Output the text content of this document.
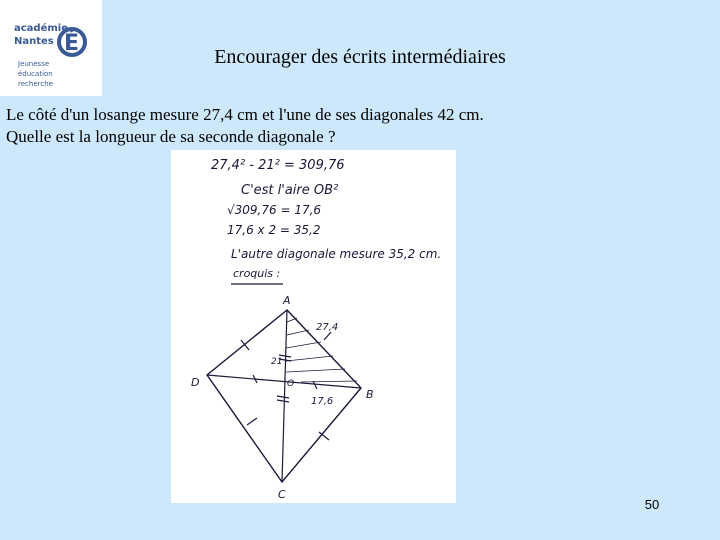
académie
Nantes É
Jeunesse
éducation
recherche
Encourager des écrits intermédiaires
Le côté d'un losange mesure 27,4 cm et l'une de ses diagonales 42 cm.
Quelle est la longueur de sa seconde diagonale ?
27,4² - 21² = 309,76
C'est l'aire OB²
√309,76 = 17,6
17,6 x 2 = 35,2
L'autre diagonale mesure 35,2 cm.
croquis :
A
D
B
C
O
27,4
21
17,6
50
